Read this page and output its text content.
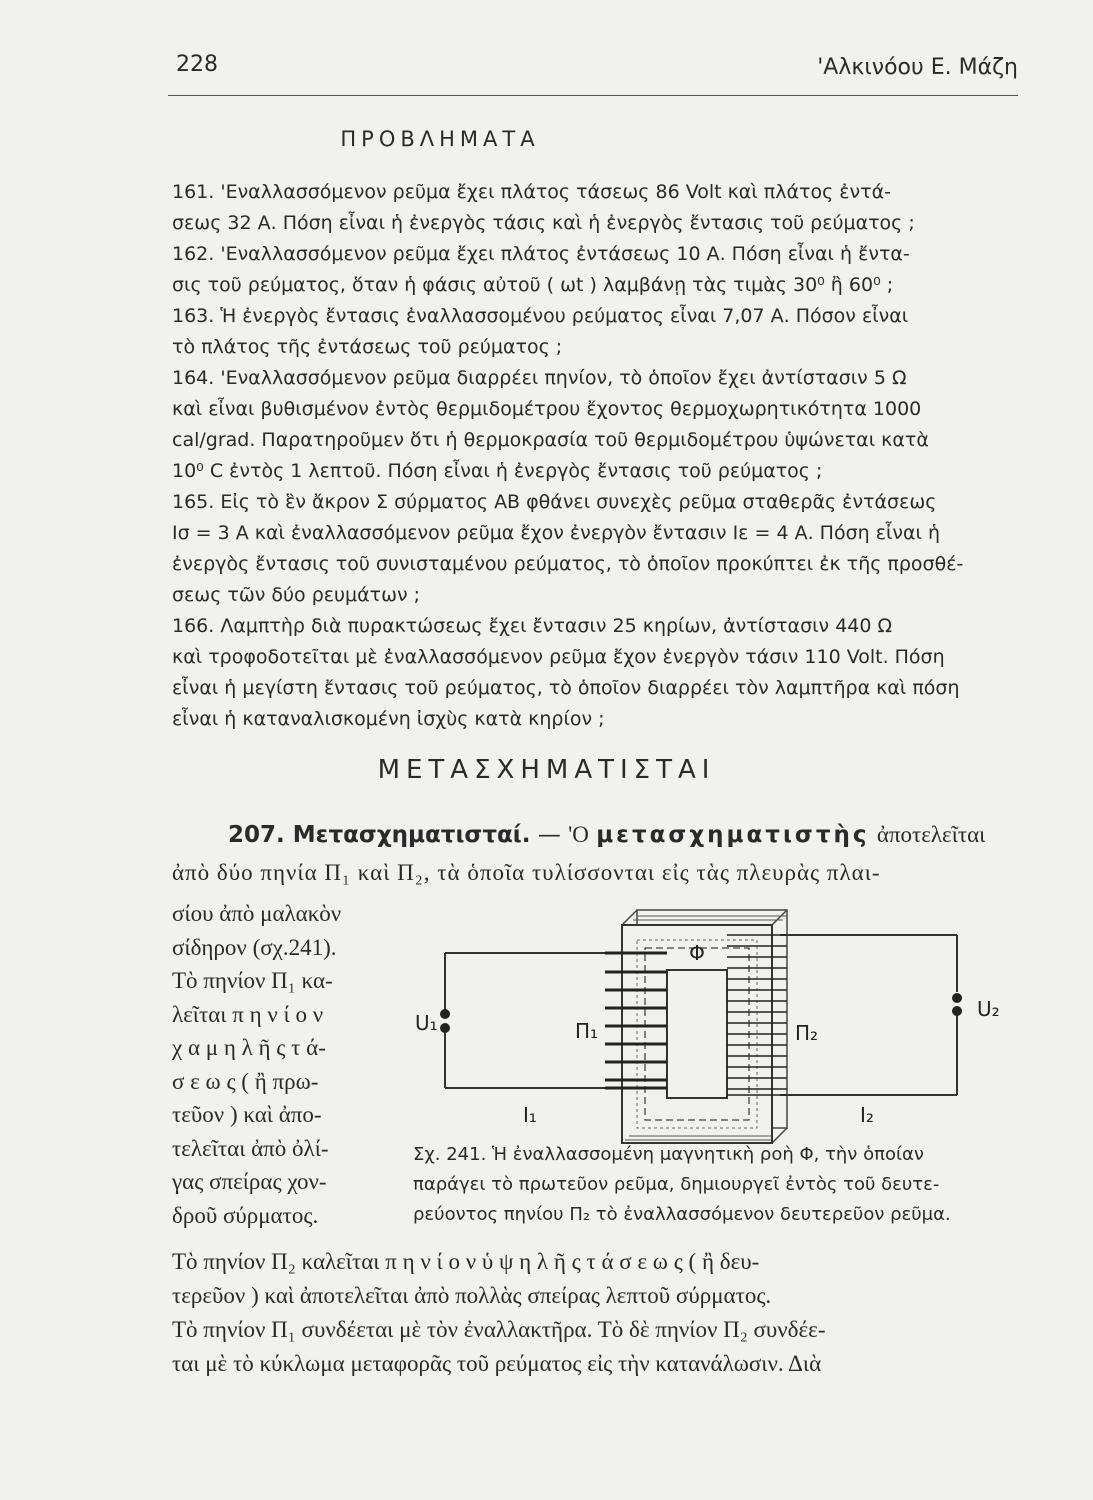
228	'Αλκινόου Ε. Μάζη
ΠΡΟΒΛΗΜΑΤΑ
161. 'Εναλλασσόμενον ρεῦμα ἔχει πλάτος τάσεως 86 Volt καὶ πλάτος ἐντά-
σεως 32 Α. Πόση εἶναι ἡ ἐνεργὸς τάσις καὶ ἡ ἐνεργὸς ἔντασις τοῦ ρεύματος ;
162. 'Εναλλασσόμενον ρεῦμα ἔχει πλάτος ἐντάσεως 10 Α. Πόση εἶναι ἡ ἔντα-
σις τοῦ ρεύματος, ὅταν ἡ φάσις αὐτοῦ ( ωt ) λαμβάνῃ τὰς τιμὰς 30⁰ ἢ 60⁰ ;
163. Ἡ ἐνεργὸς ἔντασις ἐναλλασσομένου ρεύματος εἶναι 7,07 Α. Πόσον εἶναι
τὸ πλάτος τῆς ἐντάσεως τοῦ ρεύματος ;
164. 'Εναλλασσόμενον ρεῦμα διαρρέει πηνίον, τὸ ὁποῖον ἔχει ἀντίστασιν 5 Ω
καὶ εἶναι βυθισμένον ἐντὸς θερμιδομέτρου ἔχοντος θερμοχωρητικότητα 1000
cal/grad. Παρατηροῦμεν ὅτι ἡ θερμοκρασία τοῦ θερμιδομέτρου ὑψώνεται κατὰ
10⁰ C ἐντὸς 1 λεπτοῦ. Πόση εἶναι ἡ ἐνεργὸς ἔντασις τοῦ ρεύματος ;
165. Εἰς τὸ ἓν ἄκρον Σ σύρματος ΑΒ φθάνει συνεχὲς ρεῦμα σταθερᾶς ἐντάσεως
Ισ = 3 Α καὶ ἐναλλασσόμενον ρεῦμα ἔχον ἐνεργὸν ἔντασιν Ιε = 4 Α. Πόση εἶναι ἡ
ἐνεργὸς ἔντασις τοῦ συνισταμένου ρεύματος, τὸ ὁποῖον προκύπτει ἐκ τῆς προσθέ-
σεως τῶν δύο ρευμάτων ;
166. Λαμπτὴρ διὰ πυρακτώσεως ἔχει ἔντασιν 25 κηρίων, ἀντίστασιν 440 Ω
καὶ τροφοδοτεῖται μὲ ἐναλλασσόμενον ρεῦμα ἔχον ἐνεργὸν τάσιν 110 Volt. Πόση
εἶναι ἡ μεγίστη ἔντασις τοῦ ρεύματος, τὸ ὁποῖον διαρρέει τὸν λαμπτῆρα καὶ πόση
εἶναι ἡ καταναλισκομένη ἰσχὺς κατὰ κηρίον ;
ΜΕΤΑΣΧΗΜΑΤΙΣΤΑΙ
207. Μετασχηματισταί. — 'Ο μετασχηματιστὴς ἀποτελεῖται
ἀπὸ δύο πηνία Π₁ καὶ Π₂, τὰ ὁποῖα τυλίσσονται εἰς τὰς πλευρὰς πλαι-
σίου ἀπὸ μαλακὸν
σίδηρον (σχ.241).
Τὸ πηνίον Π₁ κα-
λεῖται π η ν ί ο ν
χ α μ η λ ῆ ς τ ά-
σ ε ω ς ( ἢ πρω-
τεῦον ) καὶ ἀπο-
τελεῖται ἀπὸ ὀλί-
γας σπείρας χον-
δροῦ σύρματος.
Φ
U₁
U₂
Π₁	Π₂
I₁	I₂
Σχ. 241. Ἡ ἐναλλασσομένη μαγνητικὴ ροὴ Φ, τὴν ὁποίαν
παράγει τὸ πρωτεῦον ρεῦμα, δημιουργεῖ ἐντὸς τοῦ δευτε-
ρεύοντος πηνίου Π₂ τὸ ἐναλλασσόμενον δευτερεῦον ρεῦμα.
Τὸ πηνίον Π₂ καλεῖται π η ν ί ο ν ὑ ψ η λ ῆ ς τ ά σ ε ω ς ( ἢ δευ-
τερεῦον ) καὶ ἀποτελεῖται ἀπὸ πολλὰς σπείρας λεπτοῦ σύρματος.
Τὸ πηνίον Π₁ συνδέεται μὲ τὸν ἐναλλακτῆρα. Τὸ δὲ πηνίον Π₂ συνδέε-
ται μὲ τὸ κύκλωμα μεταφορᾶς τοῦ ρεύματος εἰς τὴν κατανάλωσιν. Διὰ
